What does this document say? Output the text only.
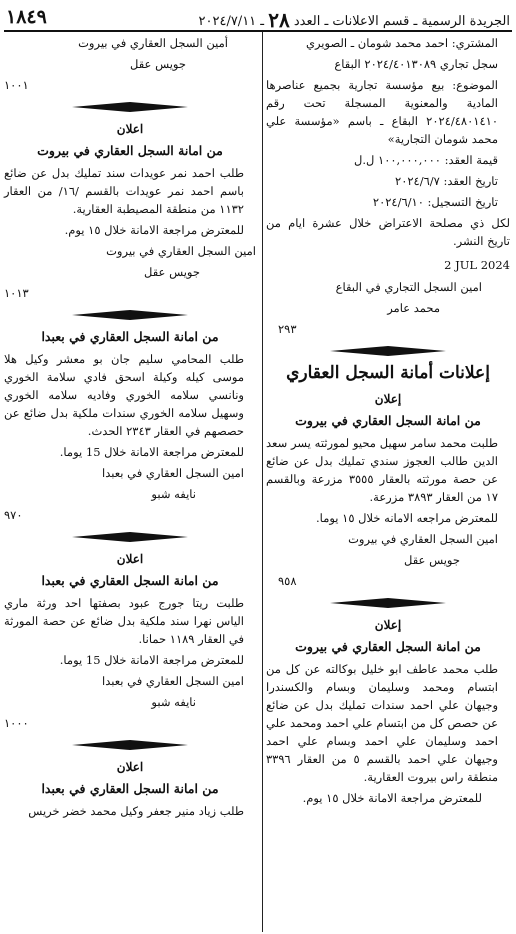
الجريدة الرسمية ـ قسم الاعلانات ـ العدد ٢٨ ـ ٢٠٢٤/٧/١١
١٨٤٩

المشتري: احمد محمد شومان ـ الصويري

سجل تجاري ٢٠٢٤/٤٠١٣٠٨٩ البقاع

الموضوع: بيع مؤسسة تجارية بجميع عناصرها المادية والمعنوية المسجلة تحت رقم ٢٠٢٤/٤٨٠١٤١٠ البقاع ـ باسم «مؤسسة علي محمد شومان التجارية»

قيمة العقد: ١٠٠,٠٠٠,٠٠٠ ل.ل

تاريخ العقد: ٢٠٢٤/٦/٧

تاريخ التسجيل: ٢٠٢٤/٦/١٠

لكل ذي مصلحة الاعتراض خلال عشرة ايام من تاريخ النشر.

2 JUL 2024

امين السجل التجاري في البقاع

محمد عامر

٢٩٣

إعلانات أمانة السجل العقاري
إعلان
من امانة السجل العقاري في بيروت

طلبت محمد سامر سهيل محيو لمورثته يسر سعد الدين طالب العجوز سندي تمليك بدل عن ضائع عن حصة مورثته بالعقار ٣٥٥٥ مزرعة وبالقسم ١٧ من العقار ٣٨٩٣ مزرعة.

للمعترض مراجعه الامانه خلال ١٥ يوما.

امين السجل العقاري في بيروت

جويس عقل

٩٥٨

إعلان
من امانة السجل العقاري في بيروت

طلب محمد عاطف ابو خليل بوكالته عن كل من ابتسام ومحمد وسليمان وبسام والكسندرا وجيهان علي احمد سندات تمليك بدل عن ضائع عن حصص كل من ابتسام علي احمد ومحمد علي احمد وسليمان علي احمد وبسام علي احمد وجيهان علي احمد بالقسم ٥ من العقار ٣٣٩٦ منطقة راس بيروت العقارية.

للمعترض مراجعة الامانة خلال ١٥ يوم.

أمين السجل العقاري في بيروت

جويس عقل

١٠٠١

اعلان
من امانة السجل العقاري في بيروت

طلب احمد نمر عويدات سند تمليك بدل عن ضائع باسم احمد نمر عويدات بالقسم /١٦/ من العقار ١١٣٢ من منطقة المصيطبة العقارية.

للمعترض مراجعة الامانة خلال ١٥ يوم.

امين السجل العقاري في بيروت

جويس عقل

١٠١٣

من امانة السجل العقاري في بعبدا

طلب المحامي سليم جان بو معشر وكيل هلا موسى كيله وكيلة اسحق فادي سلامة الخوري ونانسي سلامه الخوري وفاديه سلامه الخوري وسهيل سلامه الخوري سندات ملكية بدل ضائع عن حصصهم في العقار ٢٣٤٣ الحدث.

للمعترض مراجعة الامانة خلال 15 يوما.

امين السجل العقاري في بعبدا

نايفه شبو

٩٧٠

اعلان
من امانة السجل العقاري في بعبدا

طلبت ريتا جورج عبود بصفتها احد ورثة ماري الياس نهرا سند ملكية بدل ضائع عن حصة المورثة في العقار ١١٨٩ حمانا.

للمعترض مراجعة الامانة خلال 15 يوما.

امين السجل العقاري في بعبدا

نايفه شبو

١٠٠٠

اعلان
من امانة السجل العقاري في بعبدا

طلب زياد منير جعفر وكيل محمد خضر خريس
